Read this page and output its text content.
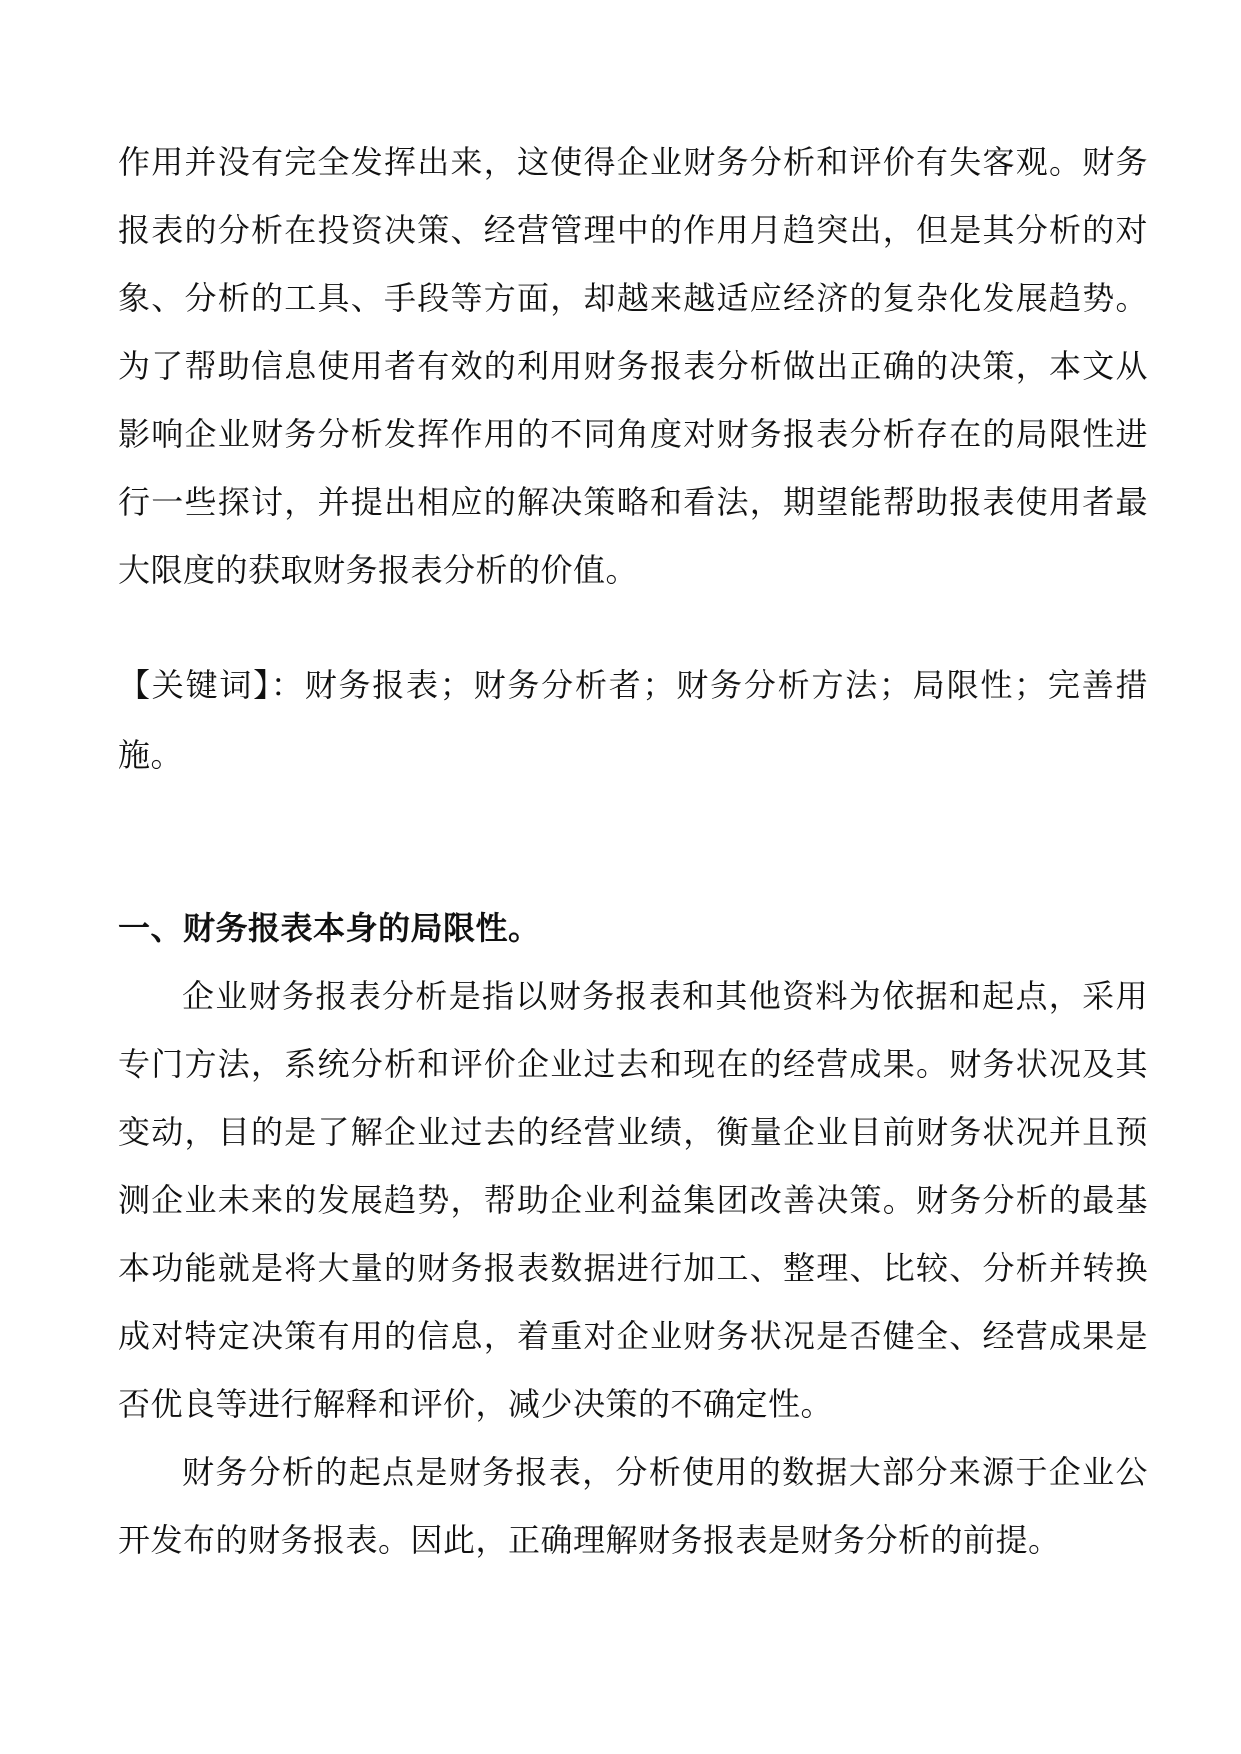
作用并没有完全发挥出来，这使得企业财务分析和评价有失客观。财务报表的分析在投资决策、经营管理中的作用月趋突出，但是其分析的对象、分析的工具、手段等方面，却越来越适应经济的复杂化发展趋势。为了帮助信息使用者有效的利用财务报表分析做出正确的决策，本文从影响企业财务分析发挥作用的不同角度对财务报表分析存在的局限性进行一些探讨，并提出相应的解决策略和看法，期望能帮助报表使用者最大限度的获取财务报表分析的价值。

【关键词】：财务报表；财务分析者；财务分析方法；局限性；完善措施。

一、财务报表本身的局限性。

企业财务报表分析是指以财务报表和其他资料为依据和起点，采用专门方法，系统分析和评价企业过去和现在的经营成果。财务状况及其变动，目的是了解企业过去的经营业绩，衡量企业目前财务状况并且预测企业未来的发展趋势，帮助企业利益集团改善决策。财务分析的最基本功能就是将大量的财务报表数据进行加工、整理、比较、分析并转换成对特定决策有用的信息，着重对企业财务状况是否健全、经营成果是否优良等进行解释和评价，减少决策的不确定性。

财务分析的起点是财务报表，分析使用的数据大部分来源于企业公开发布的财务报表。因此，正确理解财务报表是财务分析的前提。
